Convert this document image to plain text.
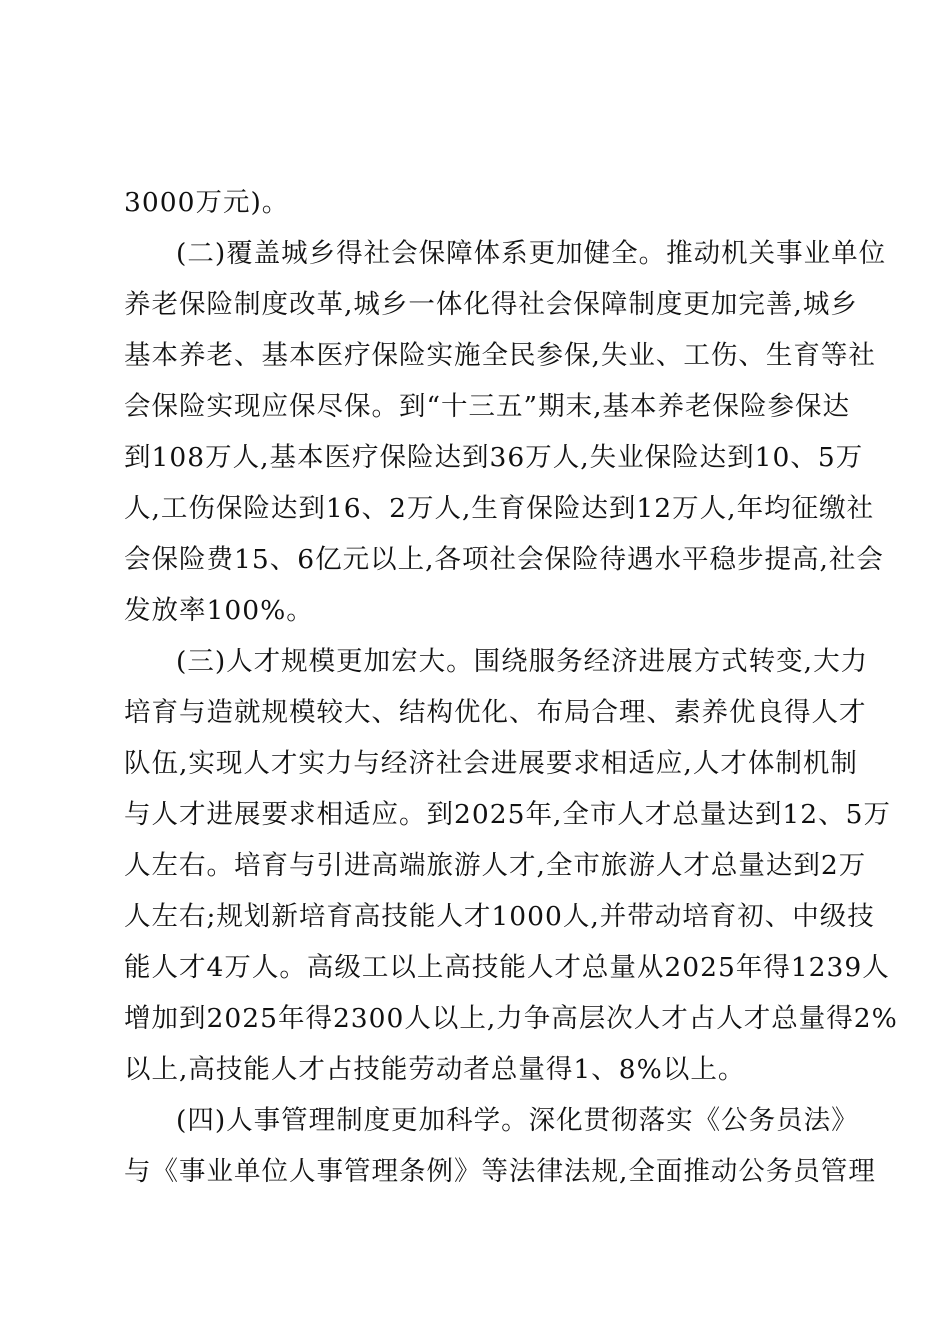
3000万元)。
(二)覆盖城乡得社会保障体系更加健全。推动机关事业单位
养老保险制度改革,城乡一体化得社会保障制度更加完善,城乡
基本养老、基本医疗保险实施全民参保,失业、工伤、生育等社
会保险实现应保尽保。到“十三五”期末,基本养老保险参保达
到108万人,基本医疗保险达到36万人,失业保险达到10、5万
人,工伤保险达到16、2万人,生育保险达到12万人,年均征缴社
会保险费15、6亿元以上,各项社会保险待遇水平稳步提高,社会
发放率100%。
(三)人才规模更加宏大。围绕服务经济进展方式转变,大力
培育与造就规模较大、结构优化、布局合理、素养优良得人才
队伍,实现人才实力与经济社会进展要求相适应,人才体制机制
与人才进展要求相适应。到2025年,全市人才总量达到12、5万
人左右。培育与引进高端旅游人才,全市旅游人才总量达到2万
人左右;规划新培育高技能人才1000人,并带动培育初、中级技
能人才4万人。高级工以上高技能人才总量从2025年得1239人
增加到2025年得2300人以上,力争高层次人才占人才总量得2%
以上,高技能人才占技能劳动者总量得1、8%以上。
(四)人事管理制度更加科学。深化贯彻落实《公务员法》
与《事业单位人事管理条例》等法律法规,全面推动公务员管理
